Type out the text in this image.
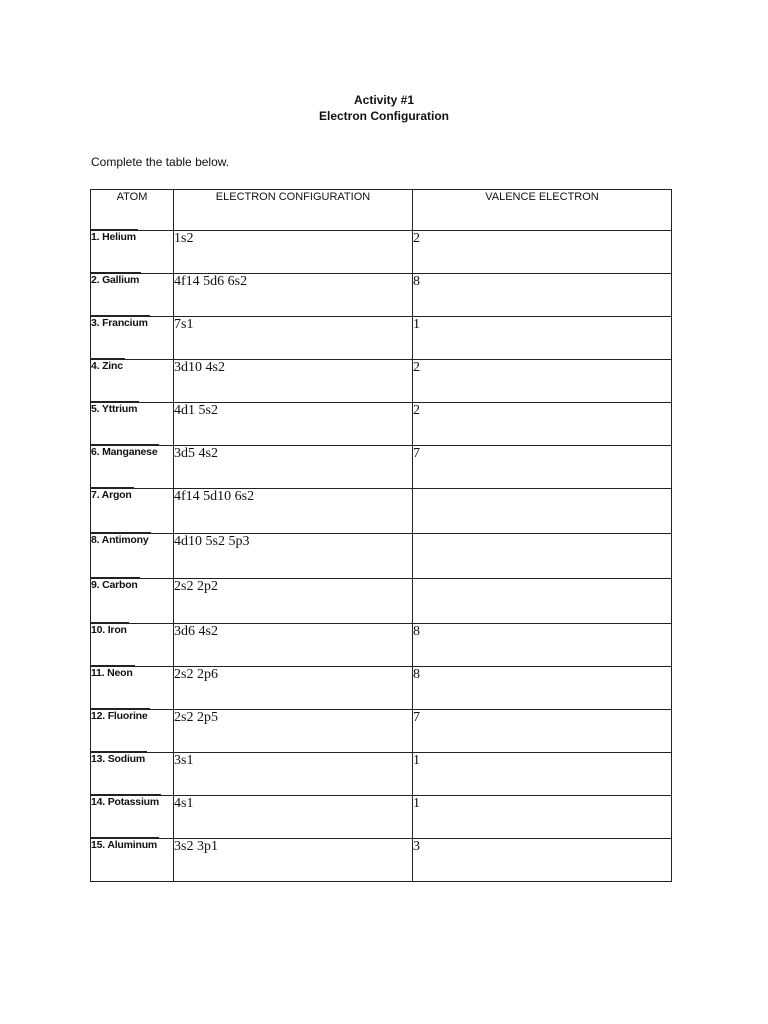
Activity #1
Electron Configuration
Complete the table below.
ATOM	ELECTRON CONFIGURATION	VALENCE ELECTRON
1. Helium	1s2	2
2. Gallium	4f14 5d6 6s2	8
3. Francium	7s1	1
4. Zinc	3d10 4s2	2
5. Yttrium	4d1 5s2	2
6. Manganese	3d5 4s2	7
7. Argon	4f14 5d10 6s2	
8. Antimony	4d10 5s2 5p3	
9. Carbon	2s2 2p2	
10. Iron	3d6 4s2	8
11. Neon	2s2 2p6	8
12. Fluorine	2s2 2p5	7
13. Sodium	3s1	1
14. Potassium	4s1	1
15. Aluminum	3s2 3p1	3
